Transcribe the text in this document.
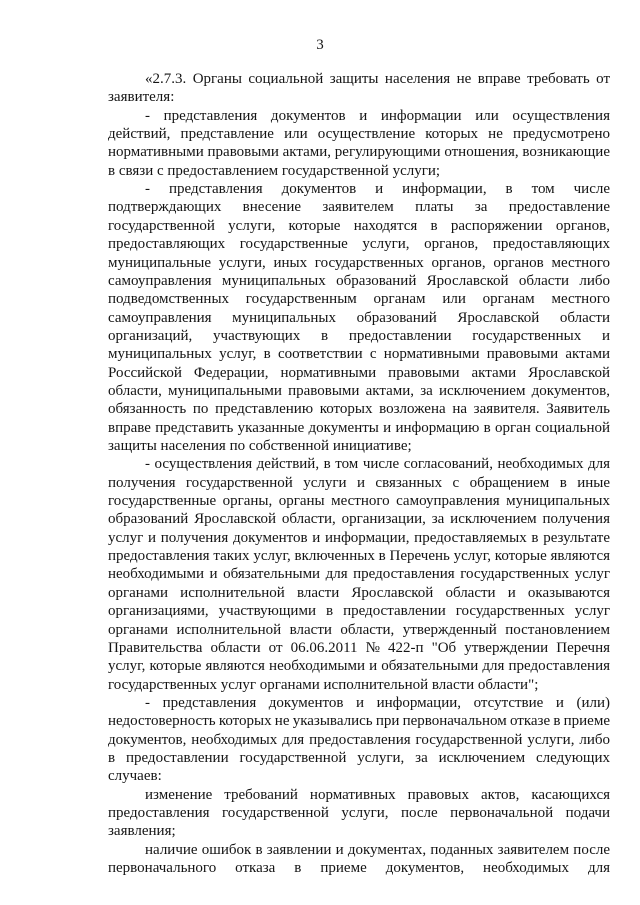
3
«2.7.3. Органы социальной защиты населения не вправе требовать от
заявителя:
- представления документов и информации или осуществления
действий, представление или осуществление которых не предусмотрено
нормативными правовыми актами, регулирующими отношения, возникающие
в связи с предоставлением государственной услуги;
- представления документов и информации, в том числе
подтверждающих внесение заявителем платы за предоставление
государственной услуги, которые находятся в распоряжении органов,
предоставляющих государственные услуги, органов, предоставляющих
муниципальные услуги, иных государственных органов, органов местного
самоуправления муниципальных образований Ярославской области либо
подведомственных государственным органам или органам местного
самоуправления муниципальных образований Ярославской области
организаций, участвующих в предоставлении государственных и
муниципальных услуг, в соответствии с нормативными правовыми актами
Российской Федерации, нормативными правовыми актами Ярославской
области, муниципальными правовыми актами, за исключением документов,
обязанность по представлению которых возложена на заявителя. Заявитель
вправе представить указанные документы и информацию в орган социальной
защиты населения по собственной инициативе;
- осуществления действий, в том числе согласований, необходимых для
получения государственной услуги и связанных с обращением в иные
государственные органы, органы местного самоуправления муниципальных
образований Ярославской области, организации, за исключением получения
услуг и получения документов и информации, предоставляемых в результате
предоставления таких услуг, включенных в Перечень услуг, которые являются
необходимыми и обязательными для предоставления государственных услуг
органами исполнительной власти Ярославской области и оказываются
организациями, участвующими в предоставлении государственных услуг
органами исполнительной власти области, утвержденный постановлением
Правительства области от 06.06.2011 № 422-п "Об утверждении Перечня
услуг, которые являются необходимыми и обязательными для предоставления
государственных услуг органами исполнительной власти области";
- представления документов и информации, отсутствие и (или)
недостоверность которых не указывались при первоначальном отказе в приеме
документов, необходимых для предоставления государственной услуги, либо
в предоставлении государственной услуги, за исключением следующих
случаев:
изменение требований нормативных правовых актов, касающихся
предоставления государственной услуги, после первоначальной подачи
заявления;
наличие ошибок в заявлении и документах, поданных заявителем после
первоначального отказа в приеме документов, необходимых для
